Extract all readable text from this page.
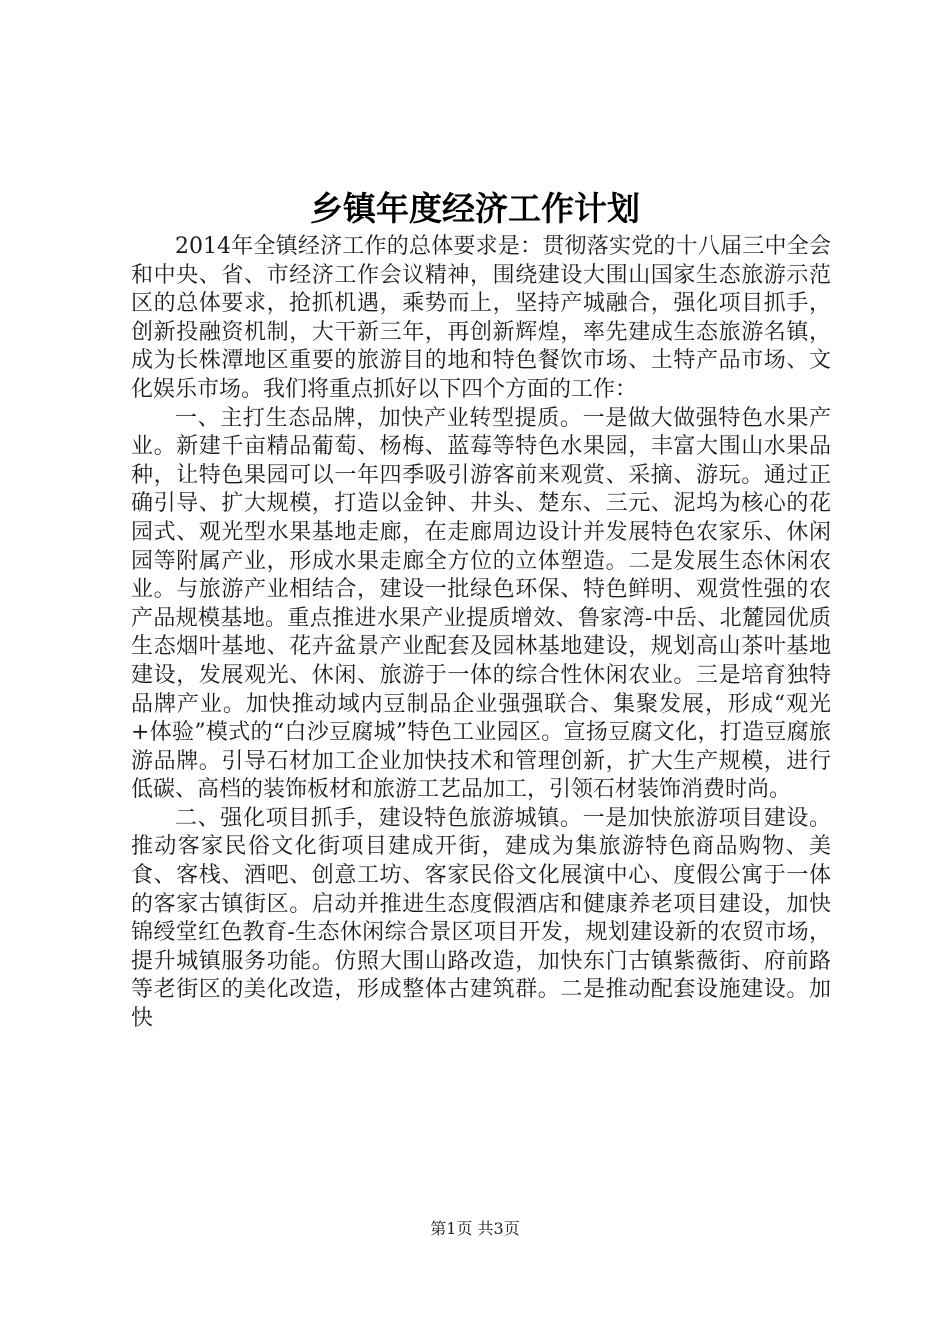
乡镇年度经济工作计划

2014年全镇经济工作的总体要求是：贯彻落实党的十八届三中全会和中央、省、市经济工作会议精神，围绕建设大围山国家生态旅游示范区的总体要求，抢抓机遇，乘势而上，坚持产城融合，强化项目抓手，创新投融资机制，大干新三年，再创新辉煌，率先建成生态旅游名镇，成为长株潭地区重要的旅游目的地和特色餐饮市场、土特产品市场、文化娱乐市场。我们将重点抓好以下四个方面的工作：

一、主打生态品牌，加快产业转型提质。一是做大做强特色水果产业。新建千亩精品葡萄、杨梅、蓝莓等特色水果园，丰富大围山水果品种，让特色果园可以一年四季吸引游客前来观赏、采摘、游玩。通过正确引导、扩大规模，打造以金钟、井头、楚东、三元、泥坞为核心的花园式、观光型水果基地走廊，在走廊周边设计并发展特色农家乐、休闲园等附属产业，形成水果走廊全方位的立体塑造。二是发展生态休闲农业。与旅游产业相结合，建设一批绿色环保、特色鲜明、观赏性强的农产品规模基地。重点推进水果产业提质增效、鲁家湾-中岳、北麓园优质生态烟叶基地、花卉盆景产业配套及园林基地建设，规划高山茶叶基地建设，发展观光、休闲、旅游于一体的综合性休闲农业。三是培育独特品牌产业。加快推动域内豆制品企业强强联合、集聚发展，形成“观光+体验”模式的“白沙豆腐城”特色工业园区。宣扬豆腐文化，打造豆腐旅游品牌。引导石材加工企业加快技术和管理创新，扩大生产规模，进行低碳、高档的装饰板材和旅游工艺品加工，引领石材装饰消费时尚。

二、强化项目抓手，建设特色旅游城镇。一是加快旅游项目建设。推动客家民俗文化街项目建成开街，建成为集旅游特色商品购物、美食、客栈、酒吧、创意工坊、客家民俗文化展演中心、度假公寓于一体的客家古镇街区。启动并推进生态度假酒店和健康养老项目建设，加快锦绶堂红色教育-生态休闲综合景区项目开发，规划建设新的农贸市场，提升城镇服务功能。仿照大围山路改造，加快东门古镇紫薇街、府前路等老街区的美化改造，形成整体古建筑群。二是推动配套设施建设。加快

第1页 共3页
